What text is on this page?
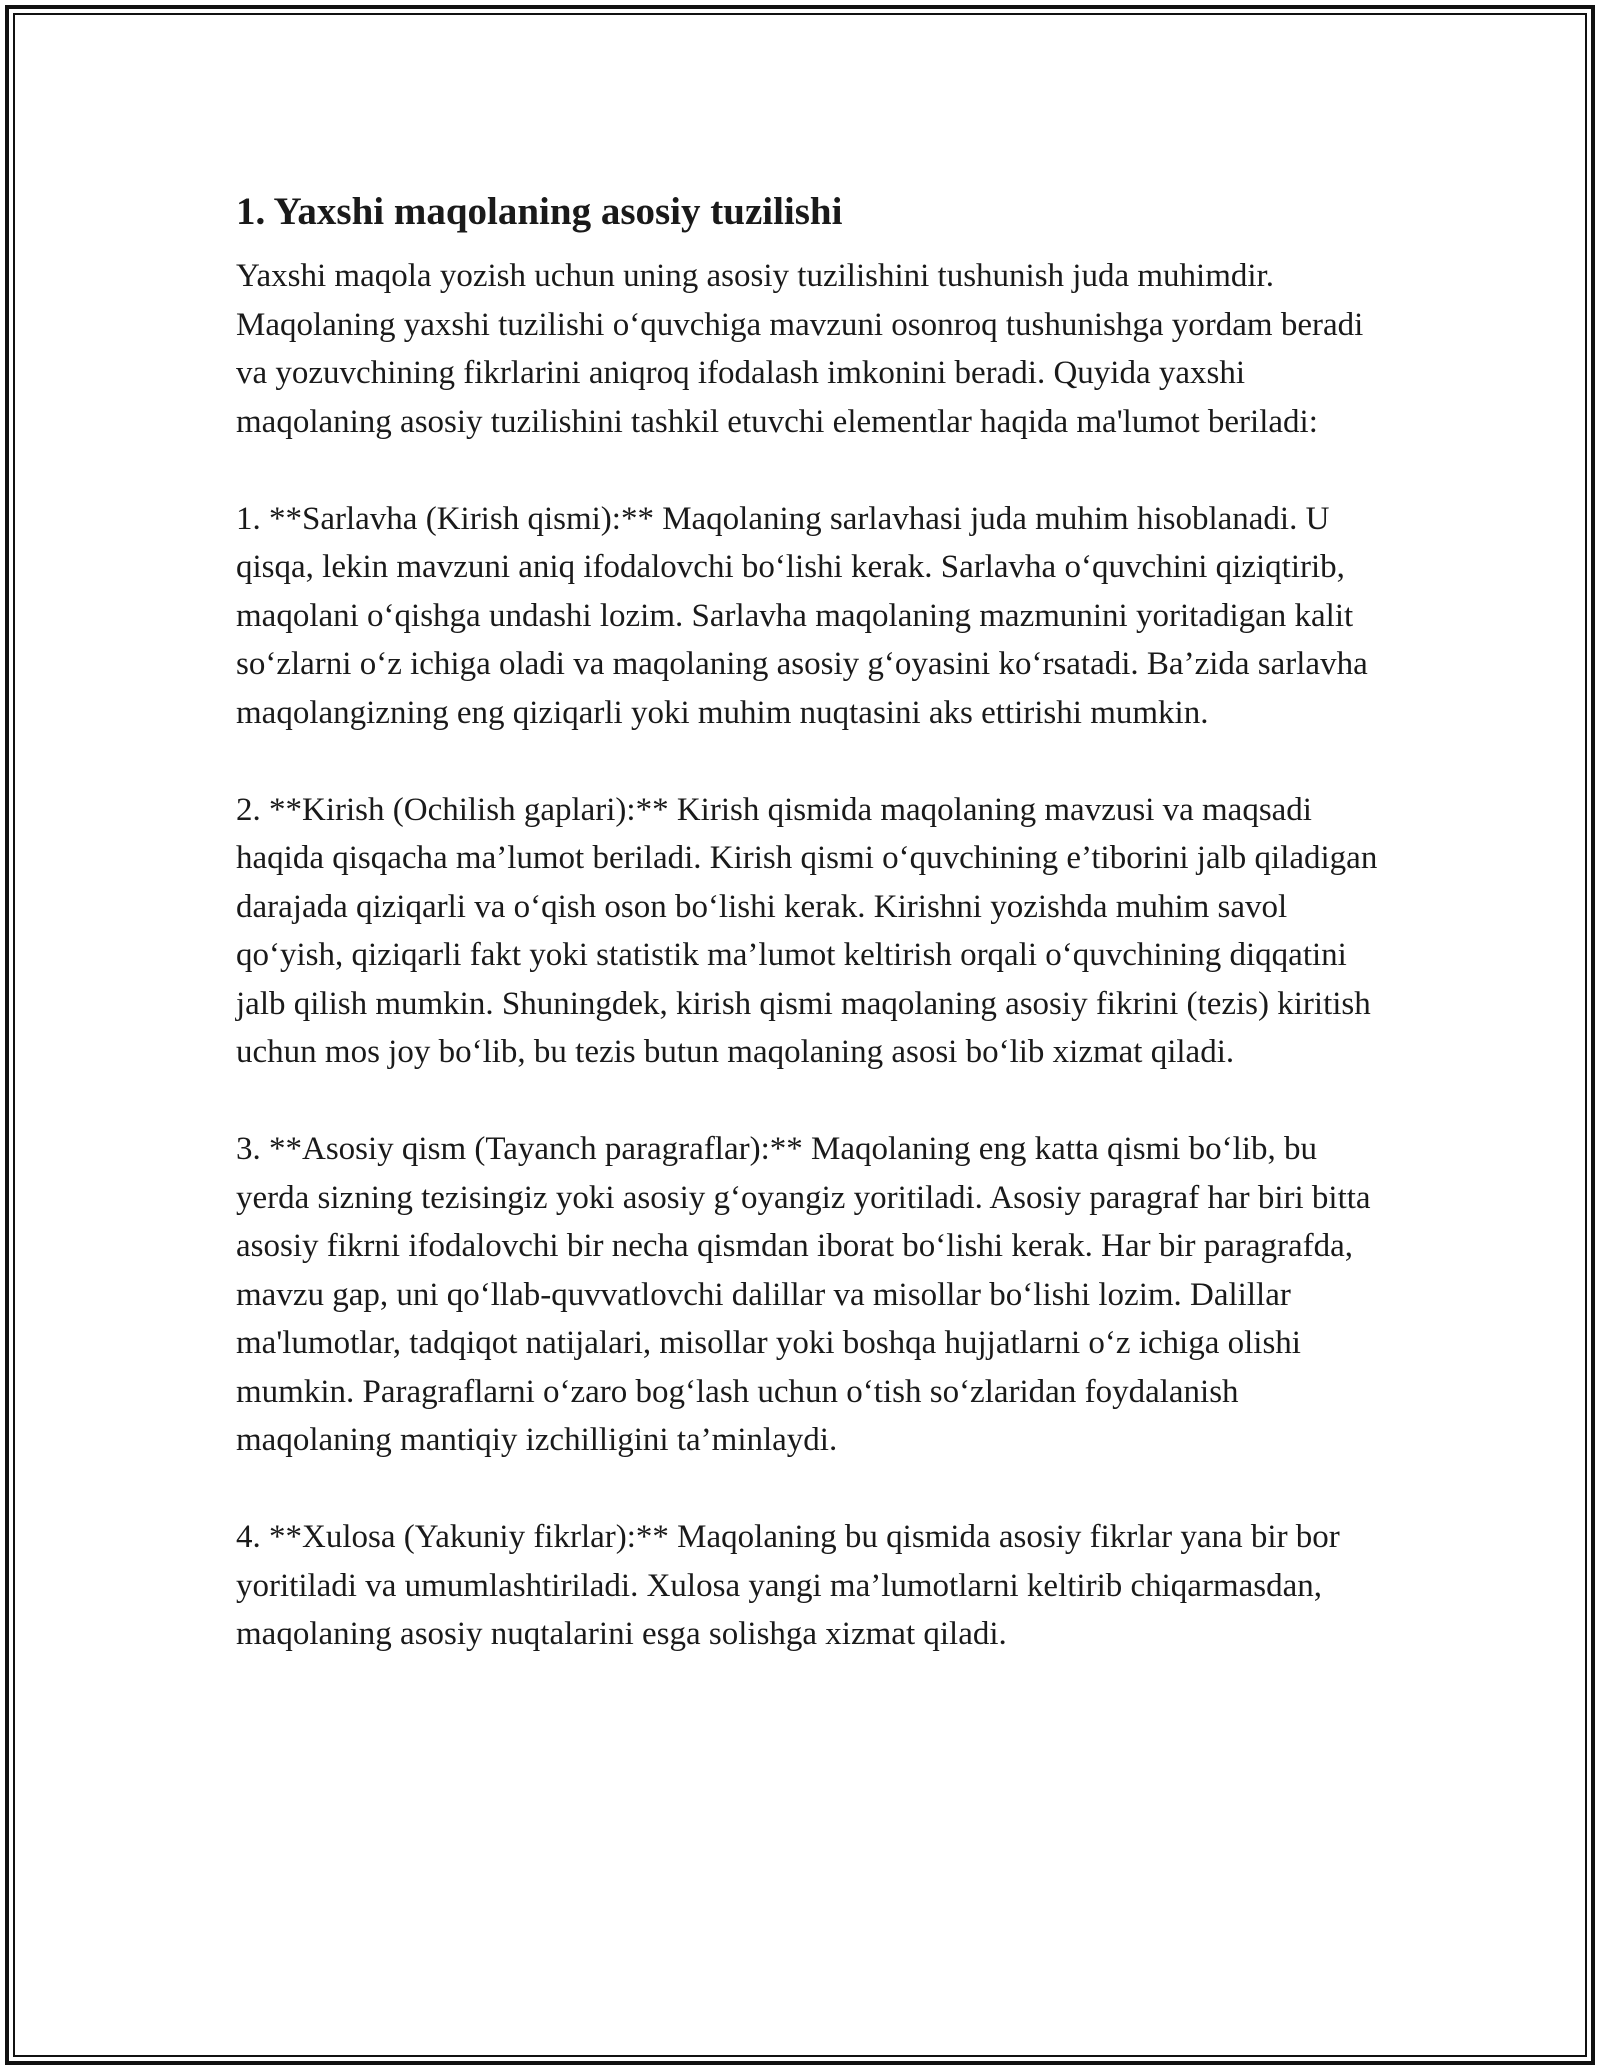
1. Yaxshi maqolaning asosiy tuzilishi

Yaxshi maqola yozish uchun uning asosiy tuzilishini tushunish juda muhimdir. Maqolaning yaxshi tuzilishi o‘quvchiga mavzuni osonroq tushunishga yordam beradi va yozuvchining fikrlarini aniqroq ifodalash imkonini beradi. Quyida yaxshi maqolaning asosiy tuzilishini tashkil etuvchi elementlar haqida ma'lumot beriladi:

1. **Sarlavha (Kirish qismi):** Maqolaning sarlavhasi juda muhim hisoblanadi. U qisqa, lekin mavzuni aniq ifodalovchi bo‘lishi kerak. Sarlavha o‘quvchini qiziqtirib, maqolani o‘qishga undashi lozim. Sarlavha maqolaning mazmunini yoritadigan kalit so‘zlarni o‘z ichiga oladi va maqolaning asosiy g‘oyasini ko‘rsatadi. Ba’zida sarlavha maqolangizning eng qiziqarli yoki muhim nuqtasini aks ettirishi mumkin.

2. **Kirish (Ochilish gaplari):** Kirish qismida maqolaning mavzusi va maqsadi haqida qisqacha ma’lumot beriladi. Kirish qismi o‘quvchining e’tiborini jalb qiladigan darajada qiziqarli va o‘qish oson bo‘lishi kerak. Kirishni yozishda muhim savol qo‘yish, qiziqarli fakt yoki statistik ma’lumot keltirish orqali o‘quvchining diqqatini jalb qilish mumkin. Shuningdek, kirish qismi maqolaning asosiy fikrini (tezis) kiritish uchun mos joy bo‘lib, bu tezis butun maqolaning asosi bo‘lib xizmat qiladi.

3. **Asosiy qism (Tayanch paragraflar):** Maqolaning eng katta qismi bo‘lib, bu yerda sizning tezisingiz yoki asosiy g‘oyangiz yoritiladi. Asosiy paragraf har biri bitta asosiy fikrni ifodalovchi bir necha qismdan iborat bo‘lishi kerak. Har bir paragrafda, mavzu gap, uni qo‘llab-quvvatlovchi dalillar va misollar bo‘lishi lozim. Dalillar ma'lumotlar, tadqiqot natijalari, misollar yoki boshqa hujjatlarni o‘z ichiga olishi mumkin. Paragraflarni o‘zaro bog‘lash uchun o‘tish so‘zlaridan foydalanish maqolaning mantiqiy izchilligini ta’minlaydi.

4. **Xulosa (Yakuniy fikrlar):** Maqolaning bu qismida asosiy fikrlar yana bir bor yoritiladi va umumlashtiriladi. Xulosa yangi ma’lumotlarni keltirib chiqarmasdan, maqolaning asosiy nuqtalarini esga solishga xizmat qiladi.
